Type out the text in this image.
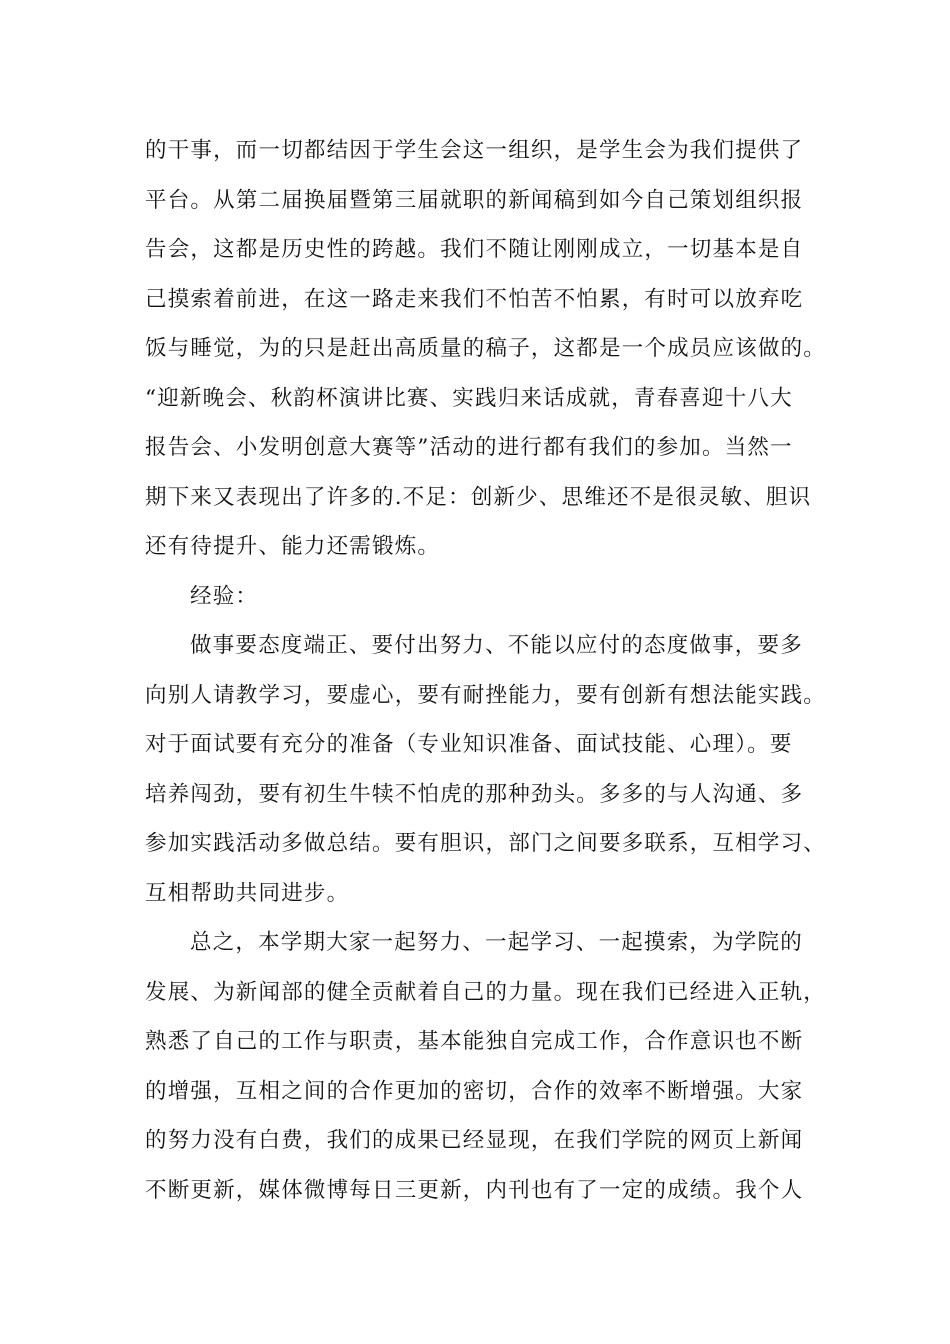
的干事，而一切都结因于学生会这一组织，是学生会为我们提供了
平台。从第二届换届暨第三届就职的新闻稿到如今自己策划组织报
告会，这都是历史性的跨越。我们不随让刚刚成立，一切基本是自
己摸索着前进，在这一路走来我们不怕苦不怕累，有时可以放弃吃
饭与睡觉，为的只是赶出高质量的稿子，这都是一个成员应该做的。
“迎新晚会、秋韵杯演讲比赛、实践归来话成就，青春喜迎十八大
报告会、小发明创意大赛等”活动的进行都有我们的参加。当然一
期下来又表现出了许多的.不足：创新少、思维还不是很灵敏、胆识
还有待提升、能力还需锻炼。
经验：
做事要态度端正、要付出努力、不能以应付的态度做事，要多
向别人请教学习，要虚心，要有耐挫能力，要有创新有想法能实践。
对于面试要有充分的准备（专业知识准备、面试技能、心理）。要
培养闯劲，要有初生牛犊不怕虎的那种劲头。多多的与人沟通、多
参加实践活动多做总结。要有胆识，部门之间要多联系，互相学习、
互相帮助共同进步。
总之，本学期大家一起努力、一起学习、一起摸索，为学院的
发展、为新闻部的健全贡献着自己的力量。现在我们已经进入正轨，
熟悉了自己的工作与职责，基本能独自完成工作，合作意识也不断
的增强，互相之间的合作更加的密切，合作的效率不断增强。大家
的努力没有白费，我们的成果已经显现，在我们学院的网页上新闻
不断更新，媒体微博每日三更新，内刊也有了一定的成绩。我个人
